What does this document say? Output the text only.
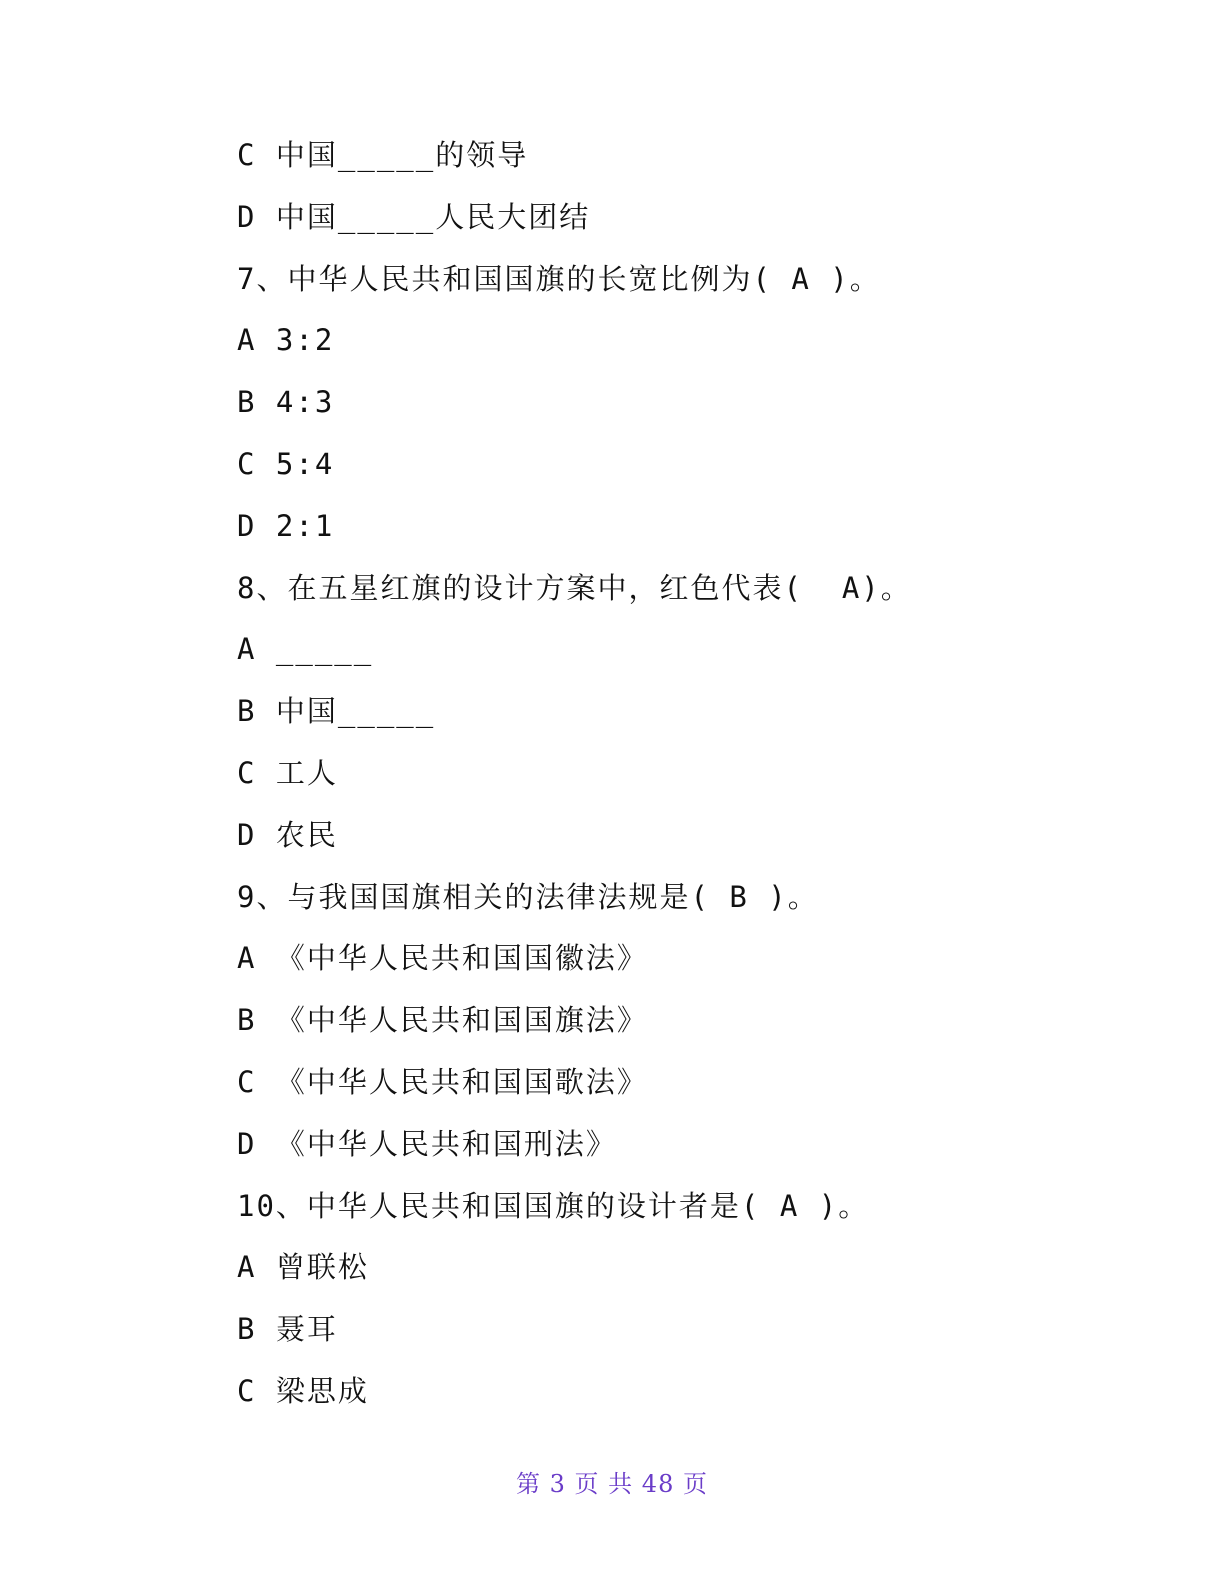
C 中国_____的领导
D 中国_____人民大团结
7、中华人民共和国国旗的长宽比例为( A )。
A 3:2
B 4:3
C 5:4
D 2:1
8、在五星红旗的设计方案中，红色代表(  A)。
A _____
B 中国_____
C 工人
D 农民
9、与我国国旗相关的法律法规是( B )。
A 《中华人民共和国国徽法》
B 《中华人民共和国国旗法》
C 《中华人民共和国国歌法》
D 《中华人民共和国刑法》
10、中华人民共和国国旗的设计者是( A )。
A 曾联松
B 聂耳
C 梁思成
第 3 页 共 48 页
